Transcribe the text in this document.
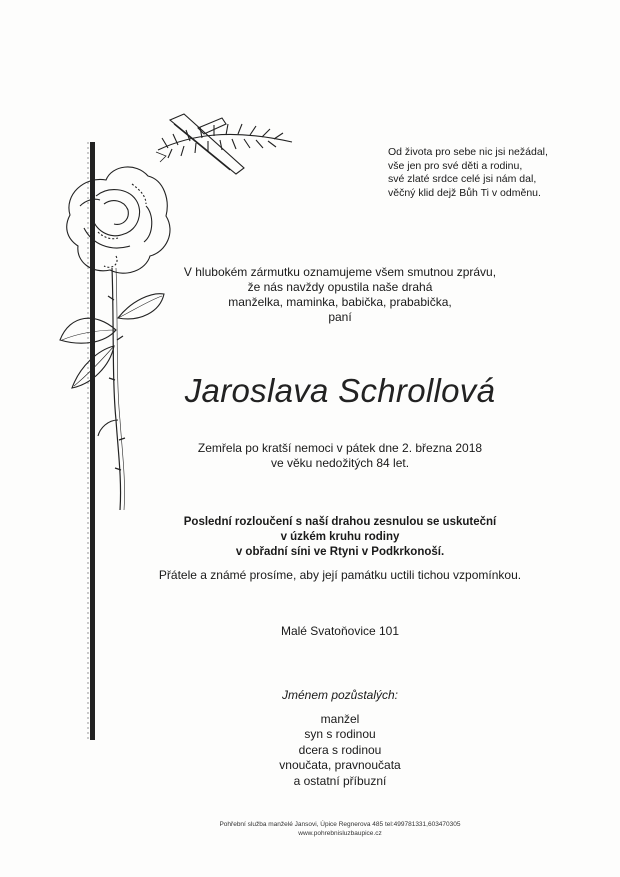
Od života pro sebe nic jsi nežádal,
vše jen pro své děti a rodinu,
své zlaté srdce celé jsi nám dal,
věčný klid dejž Bůh Ti v odměnu.
V hlubokém zármutku oznamujeme všem smutnou zprávu,
že nás navždy opustila naše drahá
manželka, maminka, babička, prababička,
paní
Jaroslava Schrollová
Zemřela po kratší nemoci v pátek dne 2. března 2018
ve věku nedožitých 84 let.
Poslední rozloučení s naší drahou zesnulou se uskuteční
v úzkém kruhu rodiny
v obřadní síni ve Rtyni v Podkrkonoší.
Přátele a známé prosíme, aby její památku uctili tichou vzpomínkou.
Malé Svatoňovice 101
Jménem pozůstalých:
manžel
syn s rodinou
dcera s rodinou
vnoučata, pravnoučata
a ostatní příbuzní
Pohřební služba manželé Jansovi, Úpice Regnerova 485 tel:499781331,603470305
www.pohrebnisluzbaupice.cz
